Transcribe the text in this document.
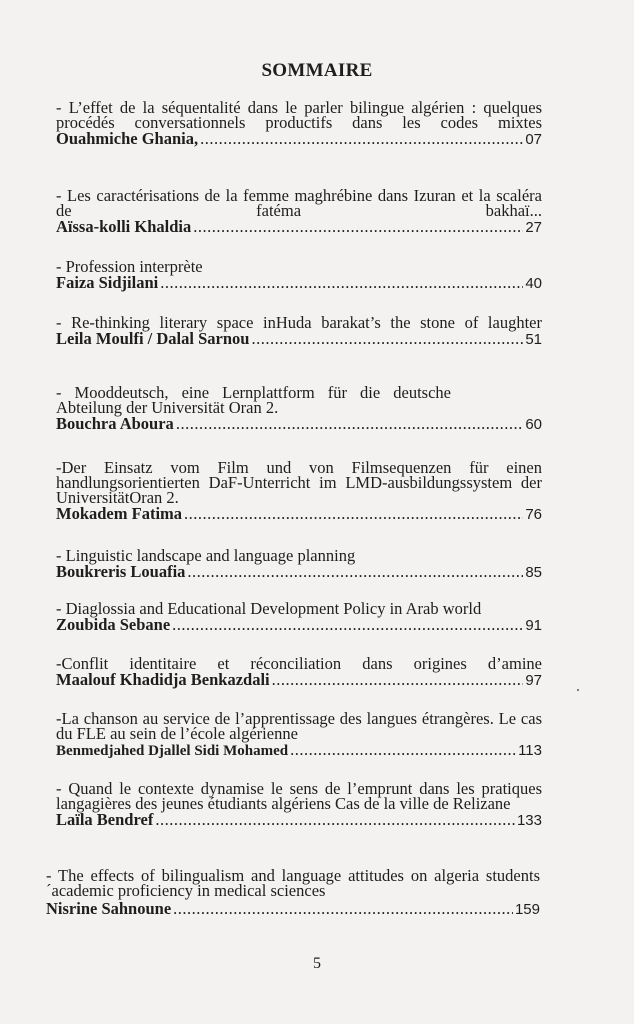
SOMMAIRE
- L’effet de la séquentalité dans le parler bilingue algérien : quelques procédés conversationnels productifs dans les codes mixtes
Ouahmiche Ghania, .....	07
- Les caractérisations de la femme maghrébine dans Izuran et la scaléra de fatéma bakhaï...
Aïssa-kolli Khaldia .....	27
- Profession interprète
Faiza Sidjilani .....	40
- Re-thinking literary space inHuda barakat’s the stone of laughter
Leila Moulfi / Dalal Sarnou .....	51
- Mooddeutsch, eine Lernplattform für die deutsche Abteilung der Universität Oran 2.
Bouchra Aboura .....	60
-Der Einsatz vom Film und von Filmsequenzen für einen handlungsorientierten DaF-Unterricht im LMD-ausbildungssystem der UniversitätOran 2.
Mokadem Fatima .....	76
- Linguistic landscape and language planning
Boukreris Louafia .....	85
- Diaglossia and Educational Development Policy in Arab world
Zoubida Sebane .....	91
-Conflit identitaire et réconciliation dans origines d’amine
Maalouf Khadidja Benkazdali .....	97
-La chanson au service de l’apprentissage des langues étrangères. Le cas du FLE au sein de l’école algérienne
Benmedjahed Djallel Sidi Mohamed .....	113
- Quand le contexte dynamise le sens de l’emprunt dans les pratiques langagières des jeunes étudiants algériens Cas de la ville de Relizane
Laïla Bendref .....	133
- The effects of bilingualism and language attitudes on algeria students´academic proficiency in medical sciences
Nisrine Sahnoune .....	159
5
